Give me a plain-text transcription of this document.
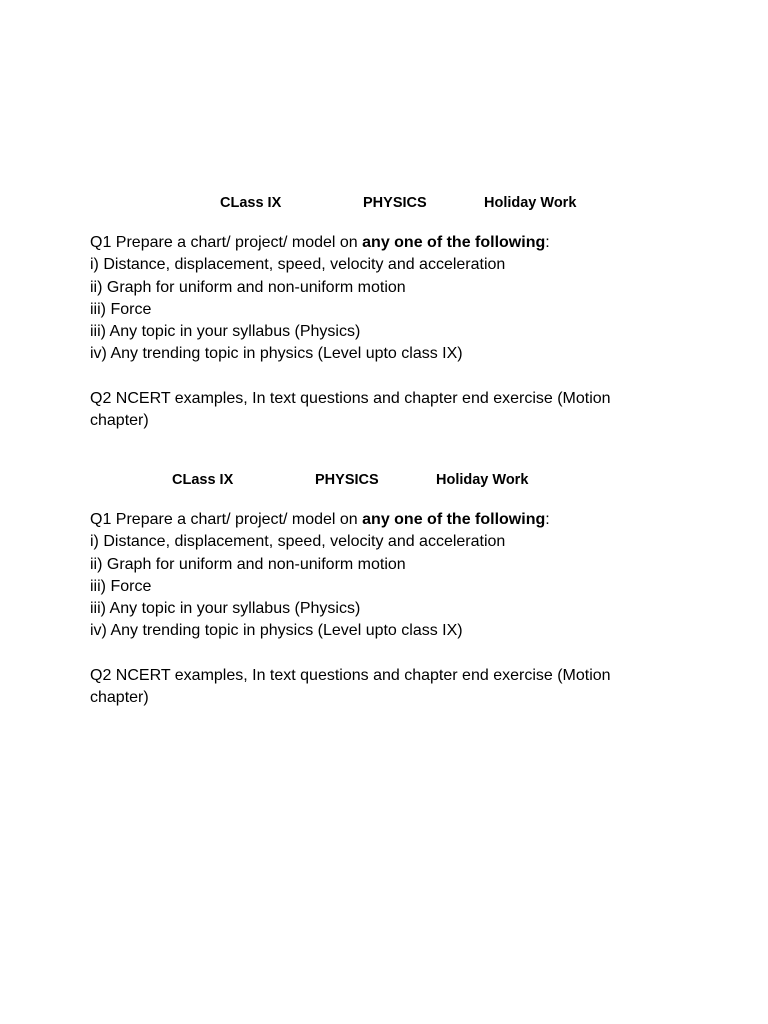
CLass IX	PHYSICS	Holiday Work
Q1 Prepare a chart/ project/ model on any one of the following:
i) Distance, displacement, speed, velocity and acceleration
ii) Graph for uniform and non-uniform motion
iii) Force
iii) Any topic in your syllabus (Physics)
iv) Any trending topic in physics (Level upto class IX)
Q2 NCERT examples, In text questions and chapter end exercise (Motion chapter)
CLass IX	PHYSICS	Holiday Work
Q1 Prepare a chart/ project/ model on any one of the following:
i) Distance, displacement, speed, velocity and acceleration
ii) Graph for uniform and non-uniform motion
iii) Force
iii) Any topic in your syllabus (Physics)
iv) Any trending topic in physics (Level upto class IX)
Q2 NCERT examples, In text questions and chapter end exercise (Motion chapter)
